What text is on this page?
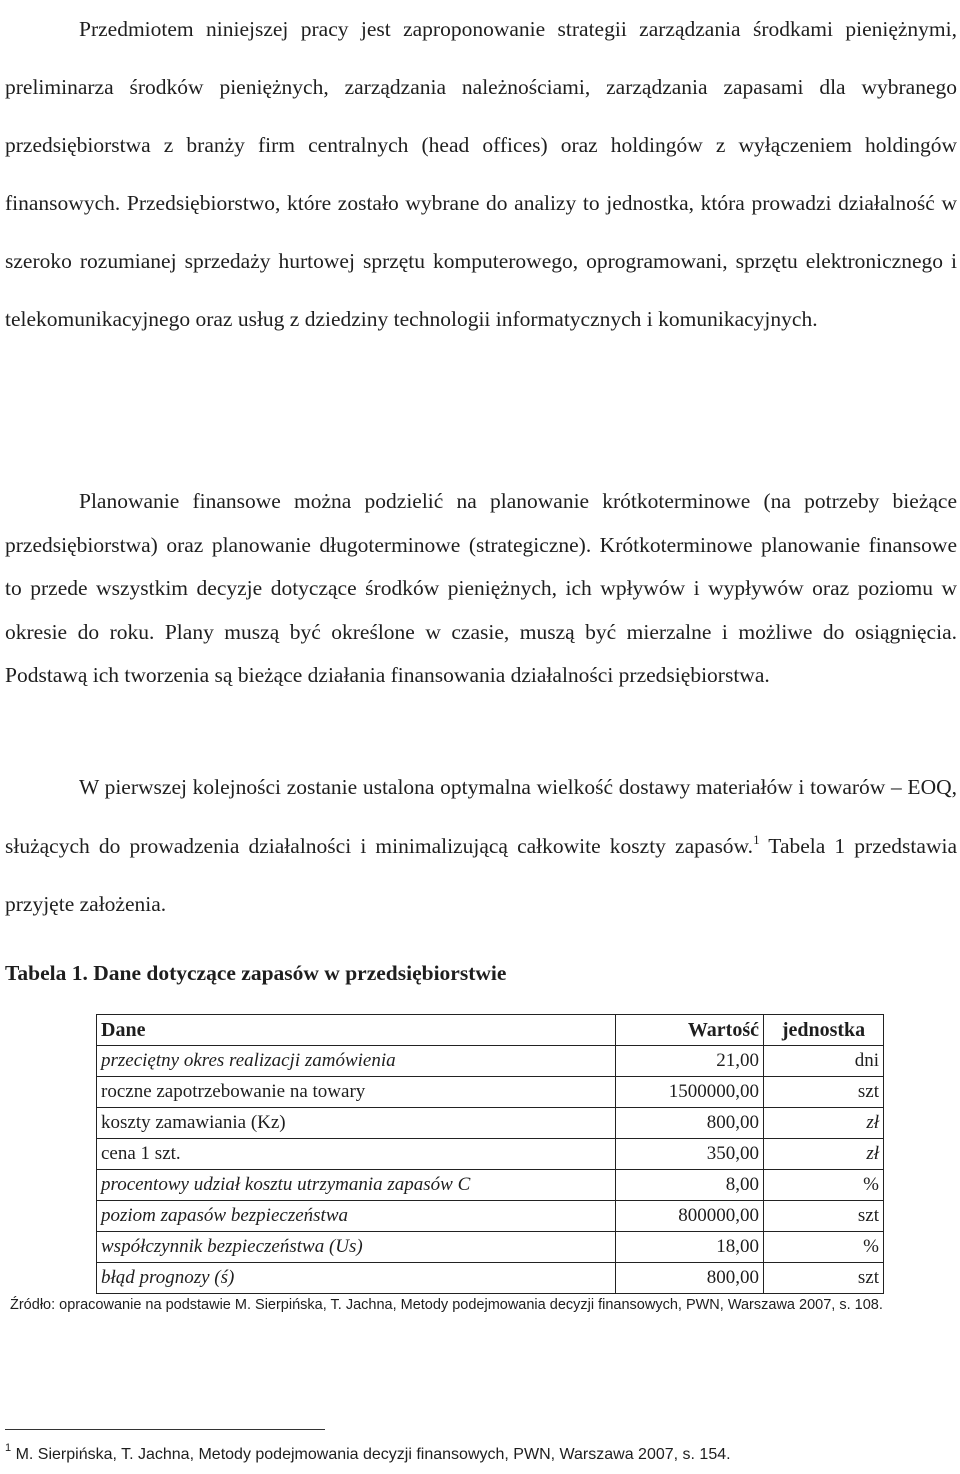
Przedmiotem niniejszej pracy jest zaproponowanie strategii zarządzania środkami pieniężnymi, preliminarza środków pieniężnych, zarządzania należnościami, zarządzania zapasami dla wybranego przedsiębiorstwa z branży firm centralnych (head offices) oraz holdingów z wyłączeniem holdingów finansowych. Przedsiębiorstwo, które zostało wybrane do analizy to jednostka, która prowadzi działalność w szeroko rozumianej sprzedaży hurtowej sprzętu komputerowego, oprogramowani, sprzętu elektronicznego i telekomunikacyjnego oraz usług z dziedziny technologii informatycznych i komunikacyjnych.
Planowanie finansowe można podzielić na planowanie krótkoterminowe (na potrzeby bieżące przedsiębiorstwa) oraz planowanie długoterminowe (strategiczne). Krótkoterminowe planowanie finansowe to przede wszystkim decyzje dotyczące środków pieniężnych, ich wpływów i wypływów oraz poziomu w okresie do roku. Plany muszą być określone w czasie, muszą być mierzalne i możliwe do osiągnięcia. Podstawą ich tworzenia są bieżące działania finansowania działalności przedsiębiorstwa.
W pierwszej kolejności zostanie ustalona optymalna wielkość dostawy materiałów i towarów – EOQ, służących do prowadzenia działalności i minimalizującą całkowite koszty zapasów.$^1$ Tabela 1 przedstawia przyjęte założenia.
Tabela 1. Dane dotyczące zapasów w przedsiębiorstwie
Dane	Wartość	jednostka
przeciętny okres realizacji zamówienia	21,00	dni
roczne zapotrzebowanie na towary	1500000,00	szt
koszty zamawiania (Kz)	800,00	zł
cena 1 szt.	350,00	zł
procentowy udział kosztu utrzymania zapasów C	8,00	%
poziom zapasów bezpieczeństwa	800000,00	szt
współczynnik bezpieczeństwa (Us)	18,00	%
błąd prognozy (ś)	800,00	szt
Źródło: opracowanie na podstawie M. Sierpińska, T. Jachna, Metody podejmowania decyzji finansowych, PWN, Warszawa 2007, s. 108.
$^1$ M. Sierpińska, T. Jachna, Metody podejmowania decyzji finansowych, PWN, Warszawa 2007, s. 154.
